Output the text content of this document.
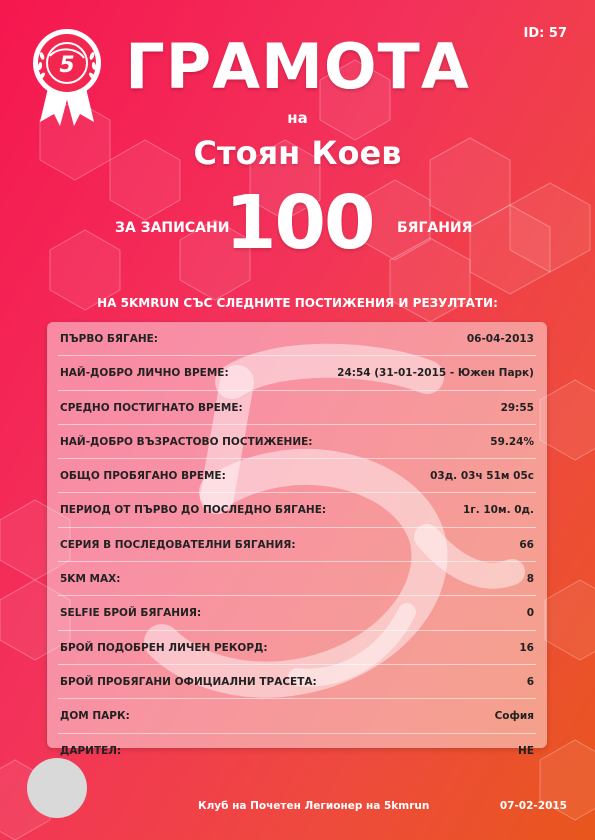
5
ID: 57
ГРАМОТА
на
Стоян Коев
ЗА ЗАПИСАНИ
100 БЯГАНИЯ
НА 5KMRUN СЪС СЛЕДНИТЕ ПОСТИЖЕНИЯ И РЕЗУЛТАТИ:
ПЪРВО БЯГАНЕ:	06-04-2013
НАЙ-ДОБРО ЛИЧНО ВРЕМЕ:	24:54 (31-01-2015 - Южен Парк)
СРЕДНО ПОСТИГНАТО ВРЕМЕ:	29:55
НАЙ-ДОБРО ВЪЗРАСТОВО ПОСТИЖЕНИЕ:	59.24%
ОБЩО ПРОБЯГАНО ВРЕМЕ:	03д. 03ч 51м 05с
ПЕРИОД ОТ ПЪРВО ДО ПОСЛЕДНО БЯГАНЕ:	1г. 10м. 0д.
СЕРИЯ В ПОСЛЕДОВАТЕЛНИ БЯГАНИЯ:	66
5KM MAX:	8
SELFIE БРОЙ БЯГАНИЯ:	0
БРОЙ ПОДОБРЕН ЛИЧЕН РЕКОРД:	16
БРОЙ ПРОБЯГАНИ ОФИЦИАЛНИ ТРАСЕТА:	6
ДОМ ПАРК:	София
ДАРИТЕЛ:	НЕ
Клуб на Почетен Легионер на 5kmrun	07-02-2015
